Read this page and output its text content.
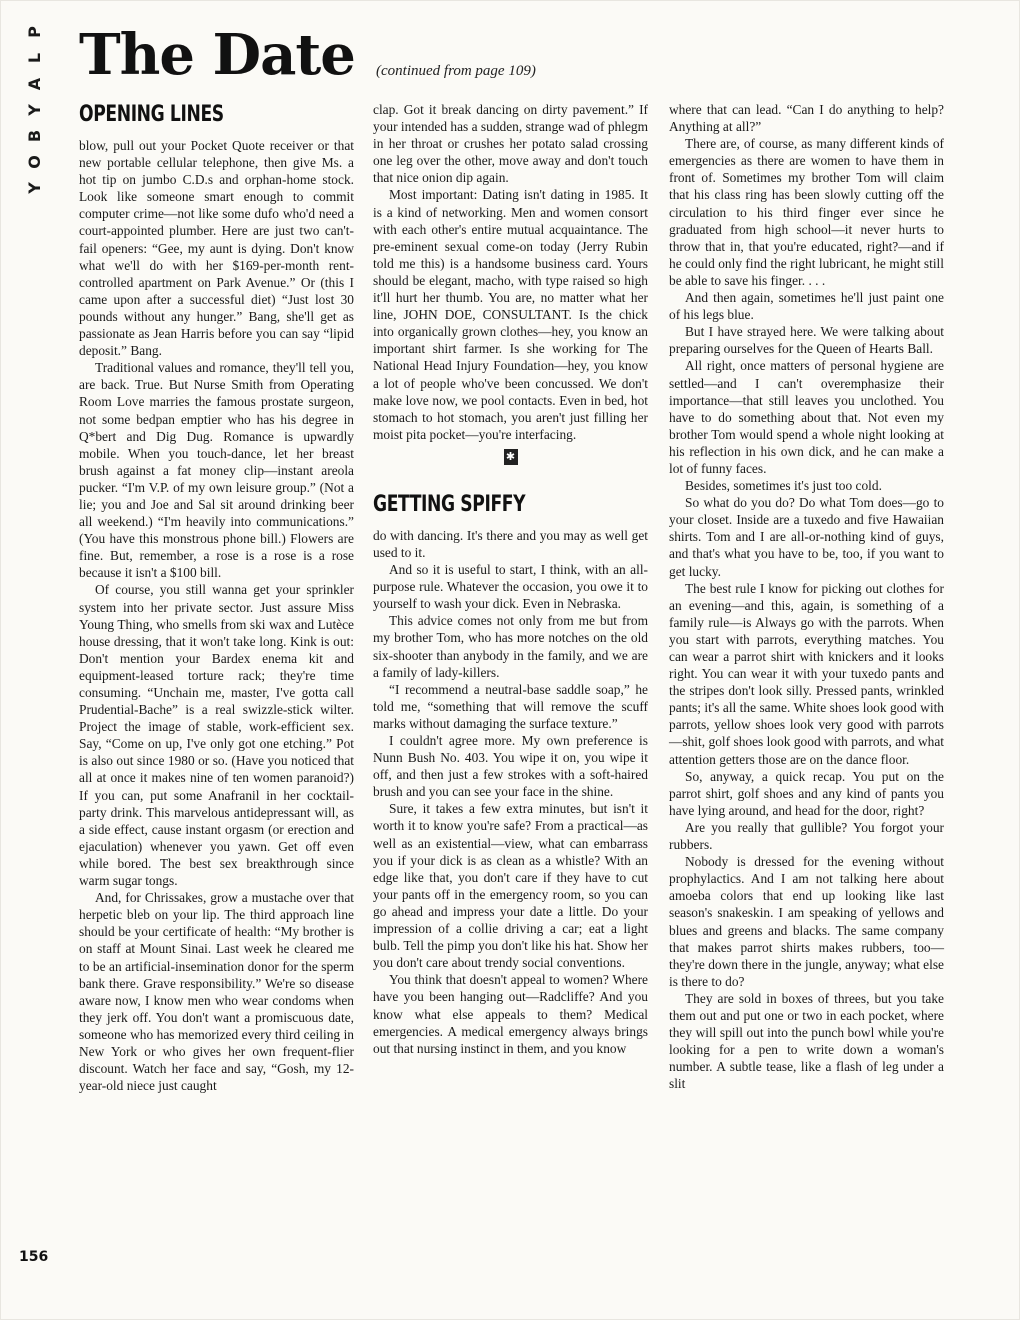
P
L
A
Y
B
O
Y
The Date (continued from page 109)
OPENING LINES

blow, pull out your Pocket Quote receiver or that new portable cellular telephone, then give Ms. a hot tip on jumbo C.D.s and orphan-home stock. Look like someone smart enough to commit computer crime—not like some dufo who'd need a court-appointed plumber. Here are just two can't-fail openers: “Gee, my aunt is dying. Don't know what we'll do with her $169-per-month rent-controlled apartment on Park Avenue.” Or (this I came upon after a successful diet) “Just lost 30 pounds without any hunger.” Bang, she'll get as passionate as Jean Harris before you can say “lipid deposit.” Bang.

Traditional values and romance, they'll tell you, are back. True. But Nurse Smith from Operating Room Love marries the famous prostate surgeon, not some bedpan emptier who has his degree in Q*bert and Dig Dug. Romance is upwardly mobile. When you touch-dance, let her breast brush against a fat money clip—instant areola pucker. “I'm V.P. of my own leisure group.” (Not a lie; you and Joe and Sal sit around drinking beer all weekend.) “I'm heavily into communications.” (You have this monstrous phone bill.) Flowers are fine. But, remember, a rose is a rose is a rose because it isn't a $100 bill.

Of course, you still wanna get your sprinkler system into her private sector. Just assure Miss Young Thing, who smells from ski wax and Lutèce house dressing, that it won't take long. Kink is out: Don't mention your Bardex enema kit and equipment-leased torture rack; they're time consuming. “Unchain me, master, I've gotta call Prudential-Bache” is a real swizzle-stick wilter. Project the image of stable, work-efficient sex. Say, “Come on up, I've only got one etching.” Pot is also out since 1980 or so. (Have you noticed that all at once it makes nine of ten women paranoid?) If you can, put some Anafranil in her cocktail-party drink. This marvelous antidepressant will, as a side effect, cause instant orgasm (or erection and ejaculation) whenever you yawn. Get off even while bored. The best sex breakthrough since warm sugar tongs.

And, for Chrissakes, grow a mustache over that herpetic bleb on your lip. The third approach line should be your certificate of health: “My brother is on staff at Mount Sinai. Last week he cleared me to be an artificial-insemination donor for the sperm bank there. Grave responsibility.” We're so disease aware now, I know men who wear condoms when they jerk off. You don't want a promiscuous date, someone who has memorized every third ceiling in New York or who gives her own frequent-flier discount. Watch her face and say, “Gosh, my 12-year-old niece just caught

clap. Got it break dancing on dirty pavement.” If your intended has a sudden, strange wad of phlegm in her throat or crushes her potato salad crossing one leg over the other, move away and don't touch that nice onion dip again.

Most important: Dating isn't dating in 1985. It is a kind of networking. Men and women consort with each other's entire mutual acquaintance. The pre-eminent sexual come-on today (Jerry Rubin told me this) is a handsome business card. Yours should be elegant, macho, with type raised so high it'll hurt her thumb. You are, no matter what her line, JOHN DOE, CONSULTANT. Is the chick into organically grown clothes—hey, you know an important shirt farmer. Is she working for The National Head Injury Foundation—hey, you know a lot of people who've been concussed. We don't make love now, we pool contacts. Even in bed, hot stomach to hot stomach, you aren't just filling her moist pita pocket—you're interfacing.

✱
GETTING SPIFFY

do with dancing. It's there and you may as well get used to it.

And so it is useful to start, I think, with an all-purpose rule. Whatever the occasion, you owe it to yourself to wash your dick. Even in Nebraska.

This advice comes not only from me but from my brother Tom, who has more notches on the old six-shooter than anybody in the family, and we are a family of lady-killers.

“I recommend a neutral-base saddle soap,” he told me, “something that will remove the scuff marks without damaging the surface texture.”

I couldn't agree more. My own preference is Nunn Bush No. 403. You wipe it on, you wipe it off, and then just a few strokes with a soft-haired brush and you can see your face in the shine.

Sure, it takes a few extra minutes, but isn't it worth it to know you're safe? From a practical—as well as an existential—view, what can embarrass you if your dick is as clean as a whistle? With an edge like that, you don't care if they have to cut your pants off in the emergency room, so you can go ahead and impress your date a little. Do your impression of a collie driving a car; eat a light bulb. Tell the pimp you don't like his hat. Show her you don't care about trendy social conventions.

You think that doesn't appeal to women? Where have you been hanging out—Radcliffe? And you know what else appeals to them? Medical emergencies. A medical emergency always brings out that nursing instinct in them, and you know

where that can lead. “Can I do anything to help? Anything at all?”

There are, of course, as many different kinds of emergencies as there are women to have them in front of. Sometimes my brother Tom will claim that his class ring has been slowly cutting off the circulation to his third finger ever since he graduated from high school—it never hurts to throw that in, that you're educated, right?—and if he could only find the right lubricant, he might still be able to save his finger. . . .

And then again, sometimes he'll just paint one of his legs blue.

But I have strayed here. We were talking about preparing ourselves for the Queen of Hearts Ball.

All right, once matters of personal hygiene are settled—and I can't overemphasize their importance—that still leaves you unclothed. You have to do something about that. Not even my brother Tom would spend a whole night looking at his reflection in his own dick, and he can make a lot of funny faces.

Besides, sometimes it's just too cold.

So what do you do? Do what Tom does—go to your closet. Inside are a tuxedo and five Hawaiian shirts. Tom and I are all-or-nothing kind of guys, and that's what you have to be, too, if you want to get lucky.

The best rule I know for picking out clothes for an evening—and this, again, is something of a family rule—is Always go with the parrots. When you start with parrots, everything matches. You can wear a parrot shirt with knickers and it looks right. You can wear it with your tuxedo pants and the stripes don't look silly. Pressed pants, wrinkled pants; it's all the same. White shoes look good with parrots, yellow shoes look very good with parrots—shit, golf shoes look good with parrots, and what attention getters those are on the dance floor.

So, anyway, a quick recap. You put on the parrot shirt, golf shoes and any kind of pants you have lying around, and head for the door, right?

Are you really that gullible? You forgot your rubbers.

Nobody is dressed for the evening without prophylactics. And I am not talking here about amoeba colors that end up looking like last season's snakeskin. I am speaking of yellows and blues and greens and blacks. The same company that makes parrot shirts makes rubbers, too—they're down there in the jungle, anyway; what else is there to do?

They are sold in boxes of threes, but you take them out and put one or two in each pocket, where they will spill out into the punch bowl while you're looking for a pen to write down a woman's number. A subtle tease, like a flash of leg under a slit

156
